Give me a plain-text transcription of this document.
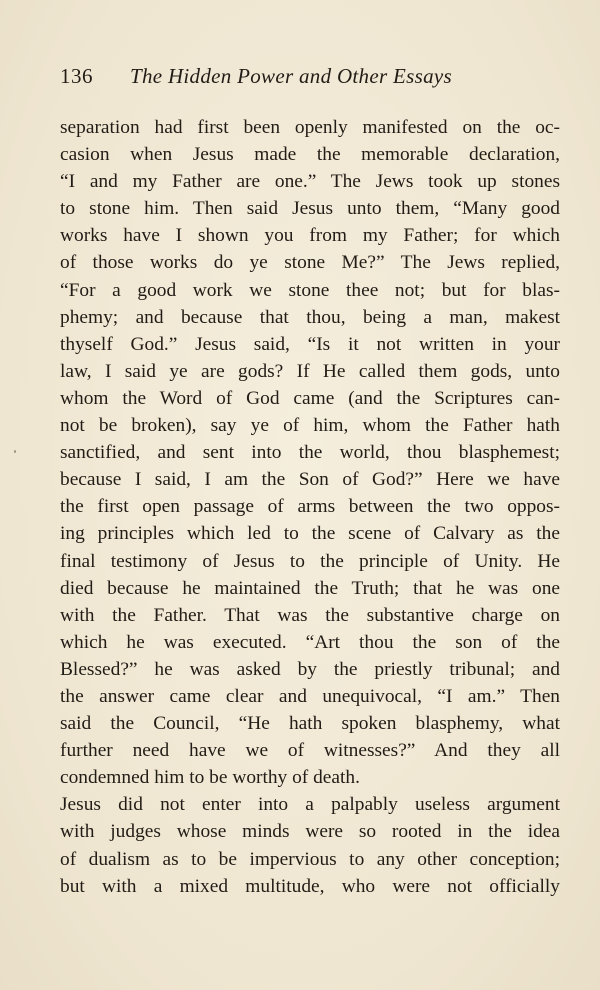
136 The Hidden Power and Other Essays
separation had first been openly manifested on the oc-
casion when Jesus made the memorable declaration,
“I and my Father are one.” The Jews took up stones
to stone him. Then said Jesus unto them, “Many good
works have I shown you from my Father; for which
of those works do ye stone Me?” The Jews replied,
“For a good work we stone thee not; but for blas-
phemy; and because that thou, being a man, makest
thyself God.” Jesus said, “Is it not written in your
law, I said ye are gods? If He called them gods, unto
whom the Word of God came (and the Scriptures can-
not be broken), say ye of him, whom the Father hath
sanctified, and sent into the world, thou blasphemest;
because I said, I am the Son of God?” Here we have
the first open passage of arms between the two oppos-
ing principles which led to the scene of Calvary as the
final testimony of Jesus to the principle of Unity. He
died because he maintained the Truth; that he was one
with the Father. That was the substantive charge on
which he was executed. “Art thou the son of the
Blessed?” he was asked by the priestly tribunal; and
the answer came clear and unequivocal, “I am.” Then
said the Council, “He hath spoken blasphemy, what
further need have we of witnesses?” And they all
condemned him to be worthy of death.
Jesus did not enter into a palpably useless argument
with judges whose minds were so rooted in the idea
of dualism as to be impervious to any other conception;
but with a mixed multitude, who were not officially
